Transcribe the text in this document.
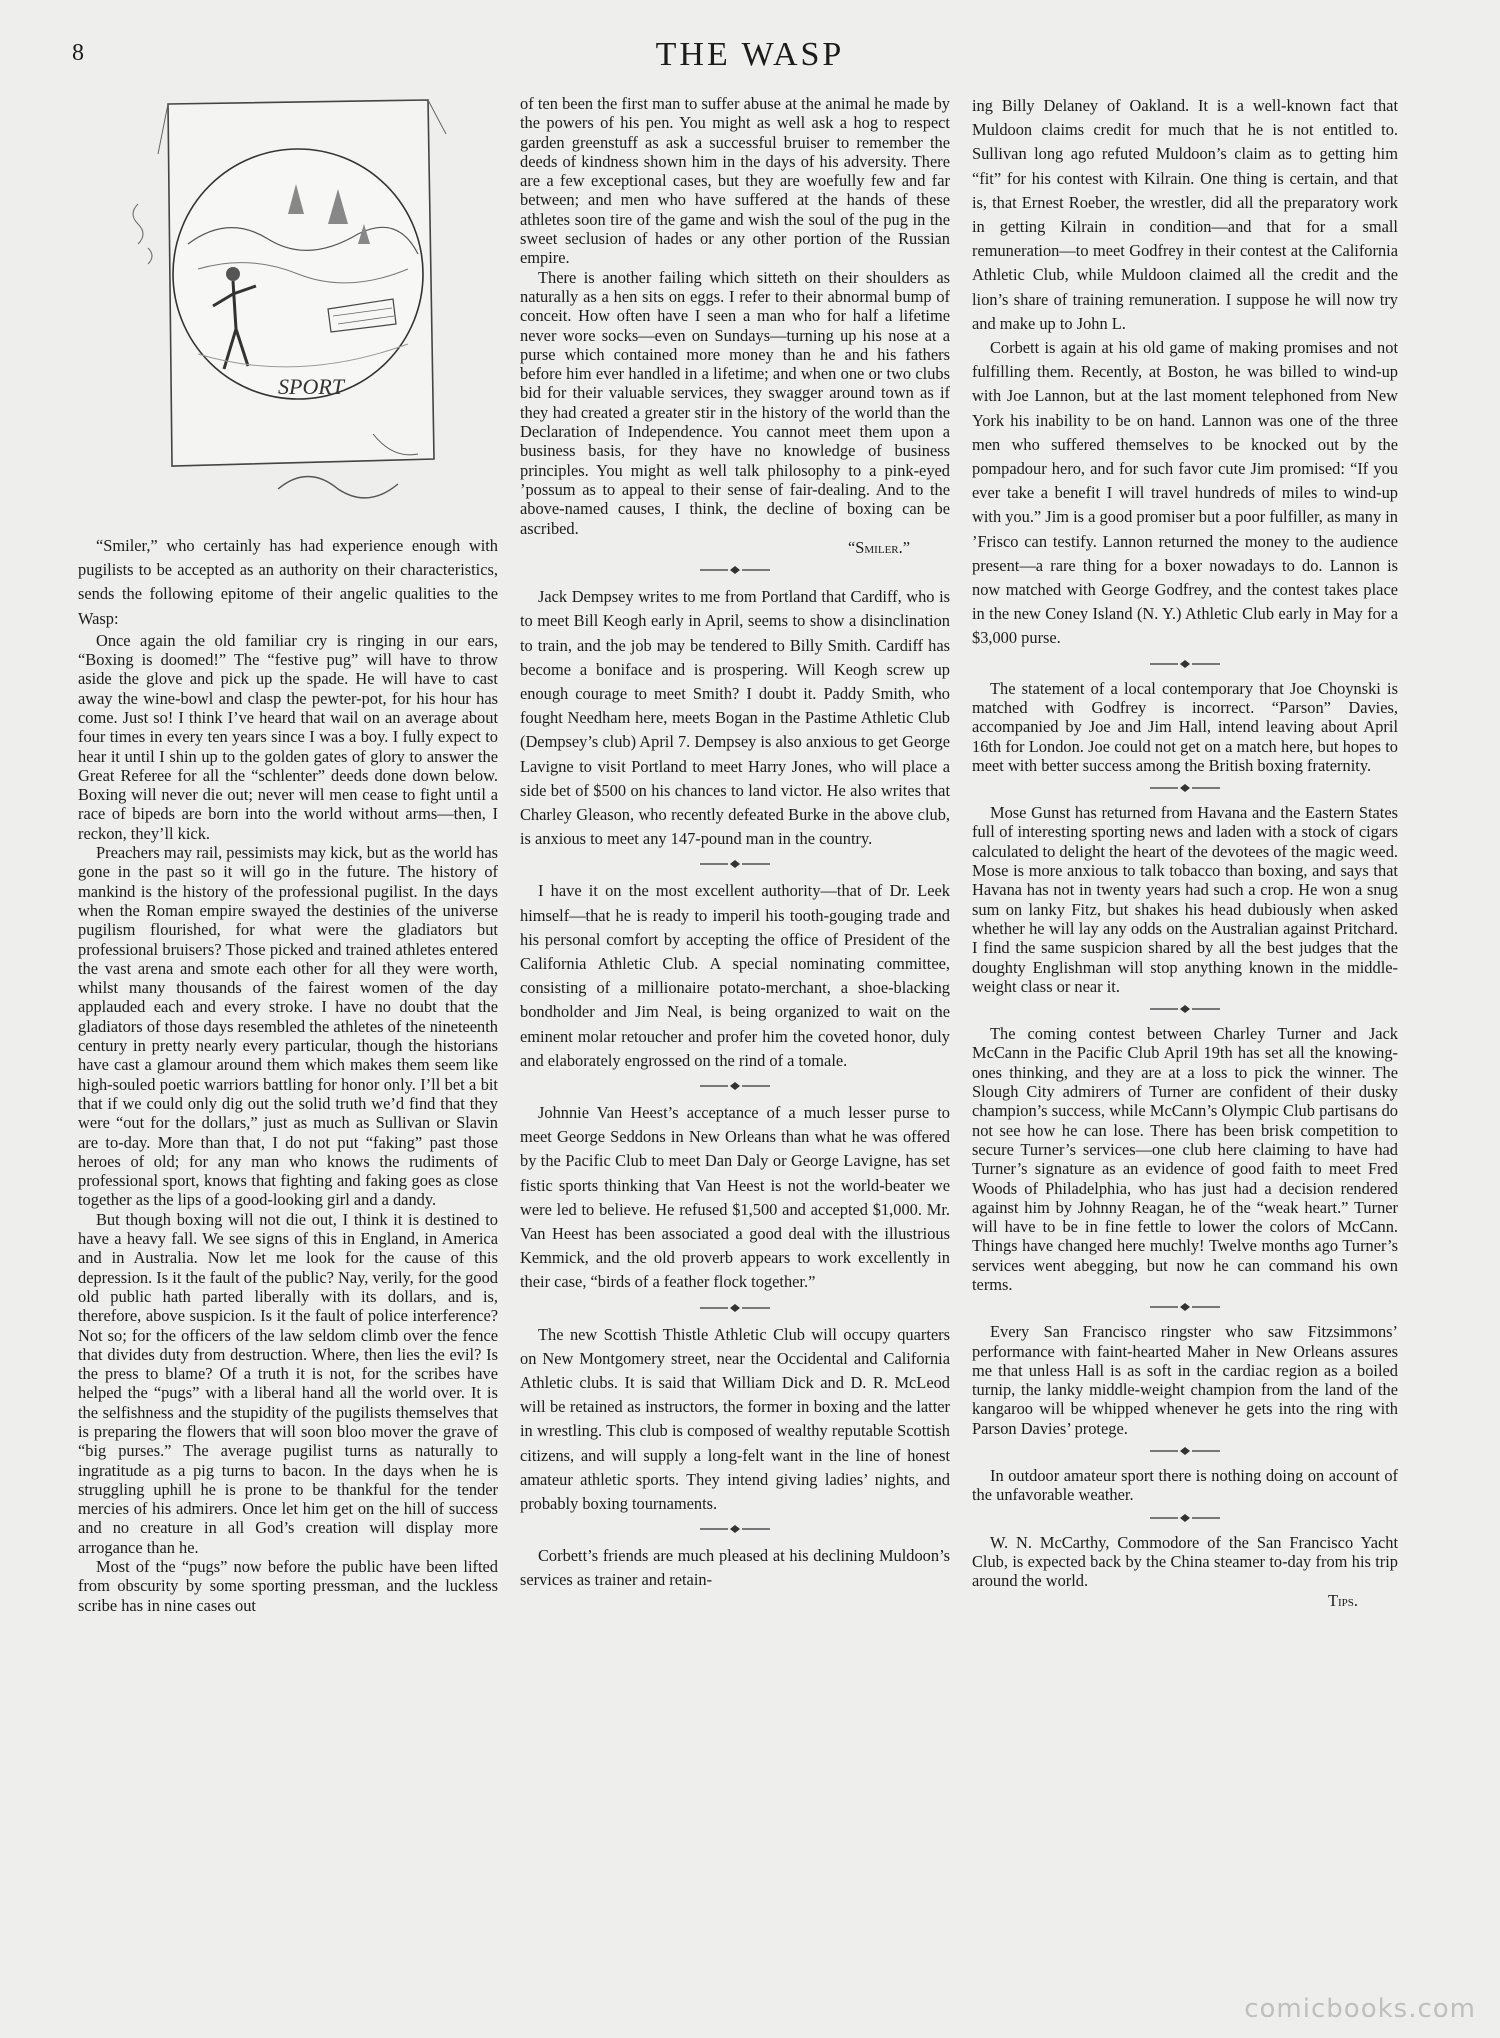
8	THE WASP
SPORT

“Smiler,” who certainly has had experience enough with pugilists to be accepted as an authority on their characteristics, sends the following epitome of their angelic qualities to the Wasp:

Once again the old familiar cry is ringing in our ears, “Boxing is doomed!” The “festive pug” will have to throw aside the glove and pick up the spade. He will have to cast away the wine-bowl and clasp the pewter-pot, for his hour has come. Just so! I think I’ve heard that wail on an average about four times in every ten years since I was a boy. I fully expect to hear it until I shin up to the golden gates of glory to answer the Great Referee for all the “schlenter” deeds done down below. Boxing will never die out; never will men cease to fight until a race of bipeds are born into the world without arms—then, I reckon, they’ll kick.

Preachers may rail, pessimists may kick, but as the world has gone in the past so it will go in the future. The history of mankind is the history of the professional pugilist. In the days when the Roman empire swayed the destinies of the universe pugilism flourished, for what were the gladiators but professional bruisers? Those picked and trained athletes entered the vast arena and smote each other for all they were worth, whilst many thousands of the fairest women of the day applauded each and every stroke. I have no doubt that the gladiators of those days resembled the athletes of the nineteenth century in pretty nearly every particular, though the historians have cast a glamour around them which makes them seem like high-souled poetic warriors battling for honor only. I’ll bet a bit that if we could only dig out the solid truth we’d find that they were “out for the dollars,” just as much as Sullivan or Slavin are to-day. More than that, I do not put “faking” past those heroes of old; for any man who knows the rudiments of professional sport, knows that fighting and faking goes as close together as the lips of a good-looking girl and a dandy.

But though boxing will not die out, I think it is destined to have a heavy fall. We see signs of this in England, in America and in Australia. Now let me look for the cause of this depression. Is it the fault of the public? Nay, verily, for the good old public hath parted liberally with its dollars, and is, therefore, above suspicion. Is it the fault of police interference? Not so; for the officers of the law seldom climb over the fence that divides duty from destruction. Where, then lies the evil? Is the press to blame? Of a truth it is not, for the scribes have helped the “pugs” with a liberal hand all the world over. It is the selfishness and the stupidity of the pugilists themselves that is preparing the flowers that will soon bloo mover the grave of “big purses.” The average pugilist turns as naturally to ingratitude as a pig turns to bacon. In the days when he is struggling uphill he is prone to be thankful for the tender mercies of his admirers. Once let him get on the hill of success and no creature in all God’s creation will display more arrogance than he.

Most of the “pugs” now before the public have been lifted from obscurity by some sporting pressman, and the luckless scribe has in nine cases out

of ten been the first man to suffer abuse at the animal he made by the powers of his pen. You might as well ask a hog to respect garden greenstuff as ask a successful bruiser to remember the deeds of kindness shown him in the days of his adversity. There are a few exceptional cases, but they are woefully few and far between; and men who have suffered at the hands of these athletes soon tire of the game and wish the soul of the pug in the sweet seclusion of hades or any other portion of the Russian empire.

There is another failing which sitteth on their shoulders as naturally as a hen sits on eggs. I refer to their abnormal bump of conceit. How often have I seen a man who for half a lifetime never wore socks—even on Sundays—turning up his nose at a purse which contained more money than he and his fathers before him ever handled in a lifetime; and when one or two clubs bid for their valuable services, they swagger around town as if they had created a greater stir in the history of the world than the Declaration of Independence. You cannot meet them upon a business basis, for they have no knowledge of business principles. You might as well talk philosophy to a pink-eyed ’possum as to appeal to their sense of fair-dealing. And to the above-named causes, I think, the decline of boxing can be ascribed.

“Smiler.”

Jack Dempsey writes to me from Portland that Cardiff, who is to meet Bill Keogh early in April, seems to show a disinclination to train, and the job may be tendered to Billy Smith. Cardiff has become a boniface and is prospering. Will Keogh screw up enough courage to meet Smith? I doubt it. Paddy Smith, who fought Needham here, meets Bogan in the Pastime Athletic Club (Dempsey’s club) April 7. Dempsey is also anxious to get George Lavigne to visit Portland to meet Harry Jones, who will place a side bet of $500 on his chances to land victor. He also writes that Charley Gleason, who recently defeated Burke in the above club, is anxious to meet any 147-pound man in the country.

I have it on the most excellent authority—that of Dr. Leek himself—that he is ready to imperil his tooth-gouging trade and his personal comfort by accepting the office of President of the California Athletic Club. A special nominating committee, consisting of a millionaire potato-merchant, a shoe-blacking bondholder and Jim Neal, is being organized to wait on the eminent molar retoucher and profer him the coveted honor, duly and elaborately engrossed on the rind of a tomale.

Johnnie Van Heest’s acceptance of a much lesser purse to meet George Seddons in New Orleans than what he was offered by the Pacific Club to meet Dan Daly or George Lavigne, has set fistic sports thinking that Van Heest is not the world-beater we were led to believe. He refused $1,500 and accepted $1,000. Mr. Van Heest has been associated a good deal with the illustrious Kemmick, and the old proverb appears to work excellently in their case, “birds of a feather flock together.”

The new Scottish Thistle Athletic Club will occupy quarters on New Montgomery street, near the Occidental and California Athletic clubs. It is said that William Dick and D. R. McLeod will be retained as instructors, the former in boxing and the latter in wrestling. This club is composed of wealthy reputable Scottish citizens, and will supply a long-felt want in the line of honest amateur athletic sports. They intend giving ladies’ nights, and probably boxing tournaments.

Corbett’s friends are much pleased at his declining Muldoon’s services as trainer and retain-

ing Billy Delaney of Oakland. It is a well-known fact that Muldoon claims credit for much that he is not entitled to. Sullivan long ago refuted Muldoon’s claim as to getting him “fit” for his contest with Kilrain. One thing is certain, and that is, that Ernest Roeber, the wrestler, did all the preparatory work in getting Kilrain in condition—and that for a small remuneration—to meet Godfrey in their contest at the California Athletic Club, while Muldoon claimed all the credit and the lion’s share of training remuneration. I suppose he will now try and make up to John L.

Corbett is again at his old game of making promises and not fulfilling them. Recently, at Boston, he was billed to wind-up with Joe Lannon, but at the last moment telephoned from New York his inability to be on hand. Lannon was one of the three men who suffered themselves to be knocked out by the pompadour hero, and for such favor cute Jim promised: “If you ever take a benefit I will travel hundreds of miles to wind-up with you.” Jim is a good promiser but a poor fulfiller, as many in ’Frisco can testify. Lannon returned the money to the audience present—a rare thing for a boxer nowadays to do. Lannon is now matched with George Godfrey, and the contest takes place in the new Coney Island (N. Y.) Athletic Club early in May for a $3,000 purse.

The statement of a local contemporary that Joe Choynski is matched with Godfrey is incorrect. “Parson” Davies, accompanied by Joe and Jim Hall, intend leaving about April 16th for London. Joe could not get on a match here, but hopes to meet with better success among the British boxing fraternity.

Mose Gunst has returned from Havana and the Eastern States full of interesting sporting news and laden with a stock of cigars calculated to delight the heart of the devotees of the magic weed. Mose is more anxious to talk tobacco than boxing, and says that Havana has not in twenty years had such a crop. He won a snug sum on lanky Fitz, but shakes his head dubiously when asked whether he will lay any odds on the Australian against Pritchard. I find the same suspicion shared by all the best judges that the doughty Englishman will stop anything known in the middle-weight class or near it.

The coming contest between Charley Turner and Jack McCann in the Pacific Club April 19th has set all the knowing-ones thinking, and they are at a loss to pick the winner. The Slough City admirers of Turner are confident of their dusky champion’s success, while McCann’s Olympic Club partisans do not see how he can lose. There has been brisk competition to secure Turner’s services—one club here claiming to have had Turner’s signature as an evidence of good faith to meet Fred Woods of Philadelphia, who has just had a decision rendered against him by Johnny Reagan, he of the “weak heart.” Turner will have to be in fine fettle to lower the colors of McCann. Things have changed here muchly! Twelve months ago Turner’s services went abegging, but now he can command his own terms.

Every San Francisco ringster who saw Fitzsimmons’ performance with faint-hearted Maher in New Orleans assures me that unless Hall is as soft in the cardiac region as a boiled turnip, the lanky middle-weight champion from the land of the kangaroo will be whipped whenever he gets into the ring with Parson Davies’ protege.

In outdoor amateur sport there is nothing doing on account of the unfavorable weather.

W. N. McCarthy, Commodore of the San Francisco Yacht Club, is expected back by the China steamer to-day from his trip around the world.

Tips.

comicbooks.com
